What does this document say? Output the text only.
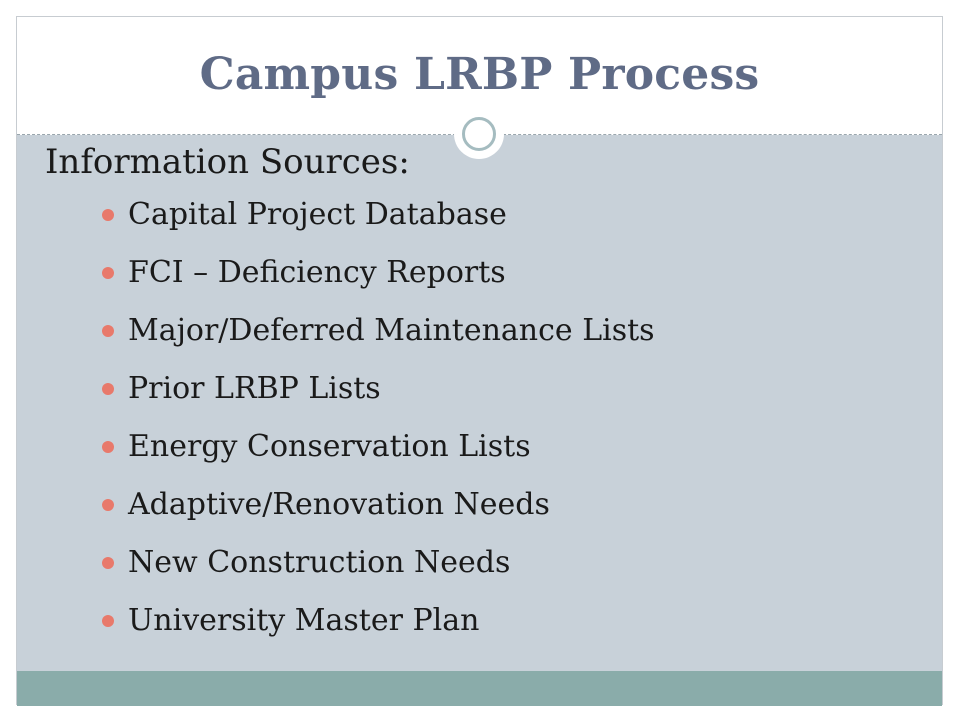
Campus LRBP Process
Information Sources:
Capital Project Database
FCI – Deficiency Reports
Major/Deferred Maintenance Lists
Prior LRBP Lists
Energy Conservation Lists
Adaptive/Renovation Needs
New Construction Needs
University Master Plan
